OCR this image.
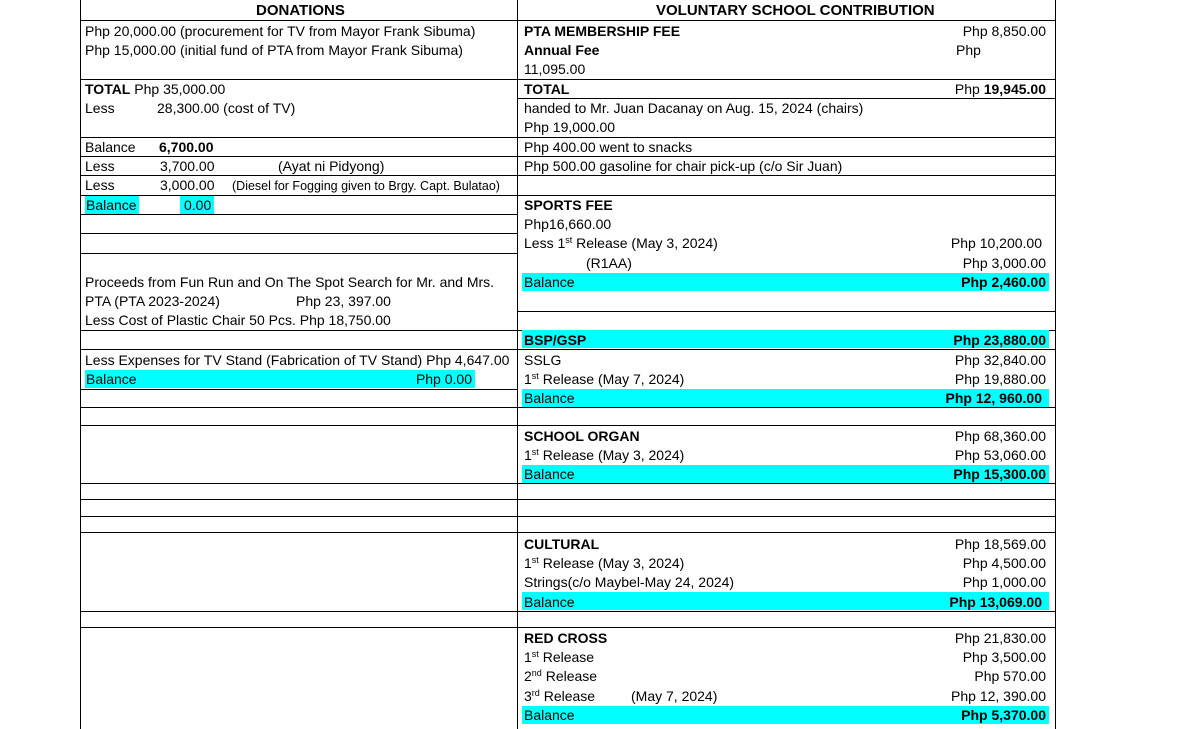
DONATIONS
Php 20,000.00 (procurement for TV from Mayor Frank Sibuma)
Php 15,000.00 (initial fund of PTA from Mayor Frank Sibuma)
TOTAL Php 35,000.00
Less	28,300.00 (cost of TV)
Balance 6,700.00
Less	3,700.00	(Ayat ni Pidyong)
Less	3,000.00 (Diesel for Fogging given to Brgy. Capt. Bulatao)
Balance	0.00
Proceeds from Fun Run and On The Spot Search for Mr. and Mrs.
PTA (PTA 2023-2024)	Php 23, 397.00
Less Cost of Plastic Chair 50 Pcs. Php 18,750.00
Less Expenses for TV Stand (Fabrication of TV Stand) Php 4,647.00
Balance	Php 0.00
VOLUNTARY SCHOOL CONTRIBUTION
PTA MEMBERSHIP FEE	Php 8,850.00
Annual Fee	Php
11,095.00
TOTAL	Php 19,945.00
handed to Mr. Juan Dacanay on Aug. 15, 2024 (chairs)
Php 19,000.00
Php 400.00 went to snacks
Php 500.00 gasoline for chair pick-up (c/o Sir Juan)
SPORTS FEE
Php16,660.00
Less 1st Release (May 3, 2024)	Php 10,200.00
(R1AA)	Php 3,000.00
Balance	Php 2,460.00
BSP/GSP	Php 23,880.00
SSLG	Php 32,840.00
1st Release (May 7, 2024)	Php 19,880.00
Balance	Php 12, 960.00
SCHOOL ORGAN	Php 68,360.00
1st Release (May 3, 2024)	Php 53,060.00
Balance	Php 15,300.00
CULTURAL	Php 18,569.00
1st Release (May 3, 2024)	Php 4,500.00
Strings(c/o Maybel-May 24, 2024)	Php 1,000.00
Balance	Php 13,069.00
RED CROSS	Php 21,830.00
1st Release	Php 3,500.00
2nd Release	Php 570.00
3rd Release	(May 7, 2024)	Php 12, 390.00
Balance	Php 5,370.00
